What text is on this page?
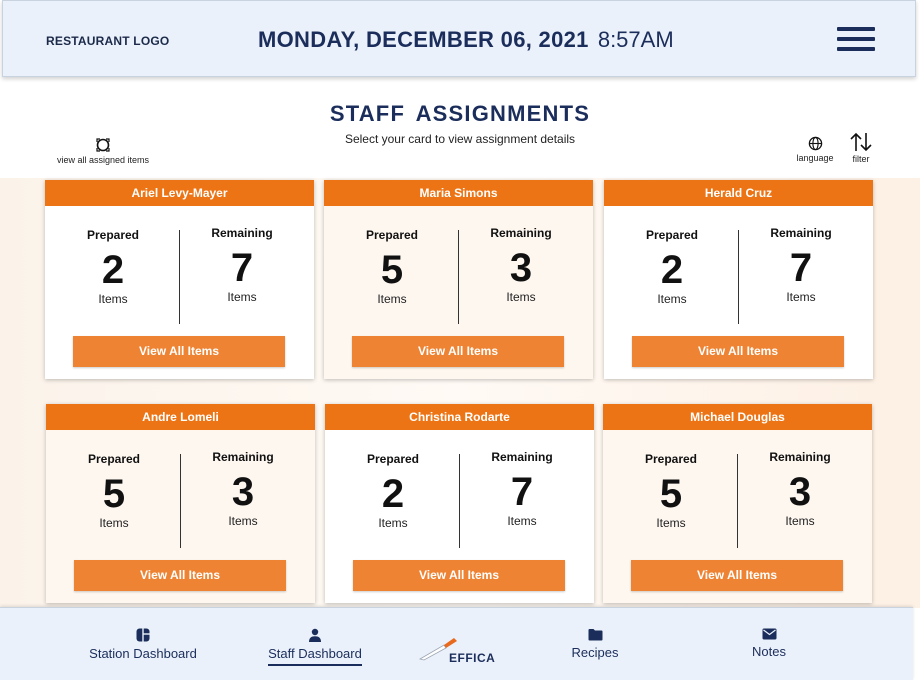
RESTAURANT LOGO	MONDAY, DECEMBER 06, 2021 8:57AM
STAFF ASSIGNMENTS
Select your card to view assignment details
view all assigned items	language	filter
Ariel Levy-Mayer
Prepared
2
Items
Remaining
7
Items
View All Items
Maria Simons
Prepared
5
Items
Remaining
3
Items
View All Items
Herald Cruz
Prepared
2
Items
Remaining
7
Items
View All Items
Andre Lomeli
Prepared
5
Items
Remaining
3
Items
View All Items
Christina Rodarte
Prepared
2
Items
Remaining
7
Items
View All Items
Michael Douglas
Prepared
5
Items
Remaining
3
Items
View All Items
Station Dashboard	Staff Dashboard	EFFICA	Recipes	Notes
